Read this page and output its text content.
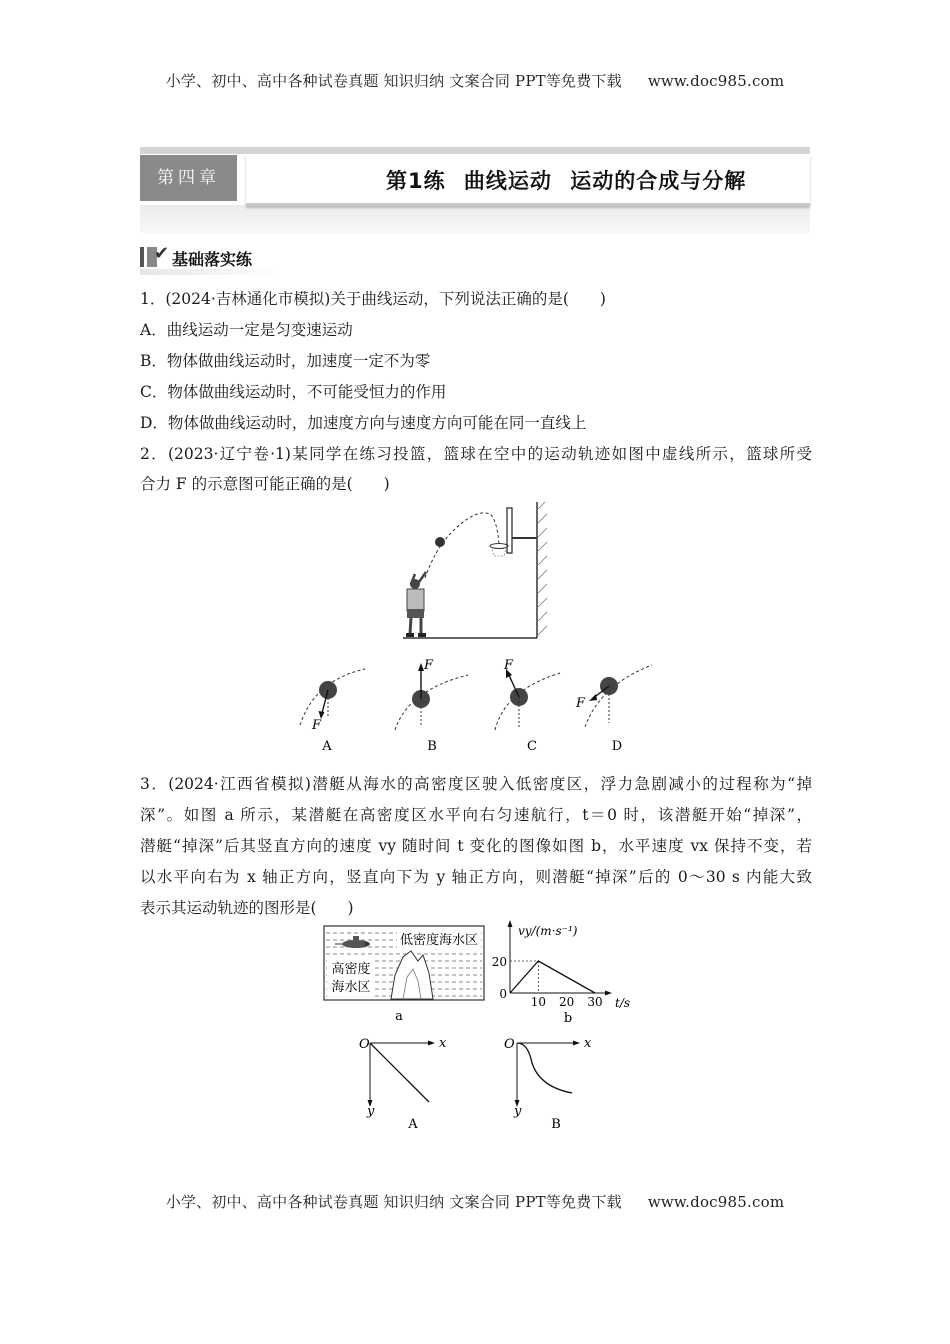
小学、初中、高中各种试卷真题 知识归纳 文案合同 PPT等免费下载 www.doc985.com
第四章	第1练 曲线运动 运动的合成与分解
✔ 基础落实练
1．(2024·吉林通化市模拟)关于曲线运动，下列说法正确的是(　　)
A．曲线运动一定是匀变速运动
B．物体做曲线运动时，加速度一定不为零
C．物体做曲线运动时，不可能受恒力的作用
D．物体做曲线运动时，加速度方向与速度方向可能在同一直线上
2．(2023·辽宁卷·1)某同学在练习投篮，篮球在空中的运动轨迹如图中虚线所示，篮球所受
合力 F 的示意图可能正确的是(　　)
F
A
F
B
F
C
F
D
3．(2024·江西省模拟)潜艇从海水的高密度区驶入低密度区，浮力急剧减小的过程称为“掉
深”。如图 a 所示，某潜艇在高密度区水平向右匀速航行，t＝0 时，该潜艇开始“掉深”，
潜艇“掉深”后其竖直方向的速度 vy 随时间 t 变化的图像如图 b，水平速度 vx 保持不变，若
以水平向右为 x 轴正方向，竖直向下为 y 轴正方向，则潜艇“掉深”后的 0～30 s 内能大致
表示其运动轨迹的图形是(　　)
低密度海水区
高密度
海水区
a
vy/(m·s⁻¹)
t/s
20
0
10 20 30
b
O	x
y
A
O	x
y
B
小学、初中、高中各种试卷真题 知识归纳 文案合同 PPT等免费下载 www.doc985.com
